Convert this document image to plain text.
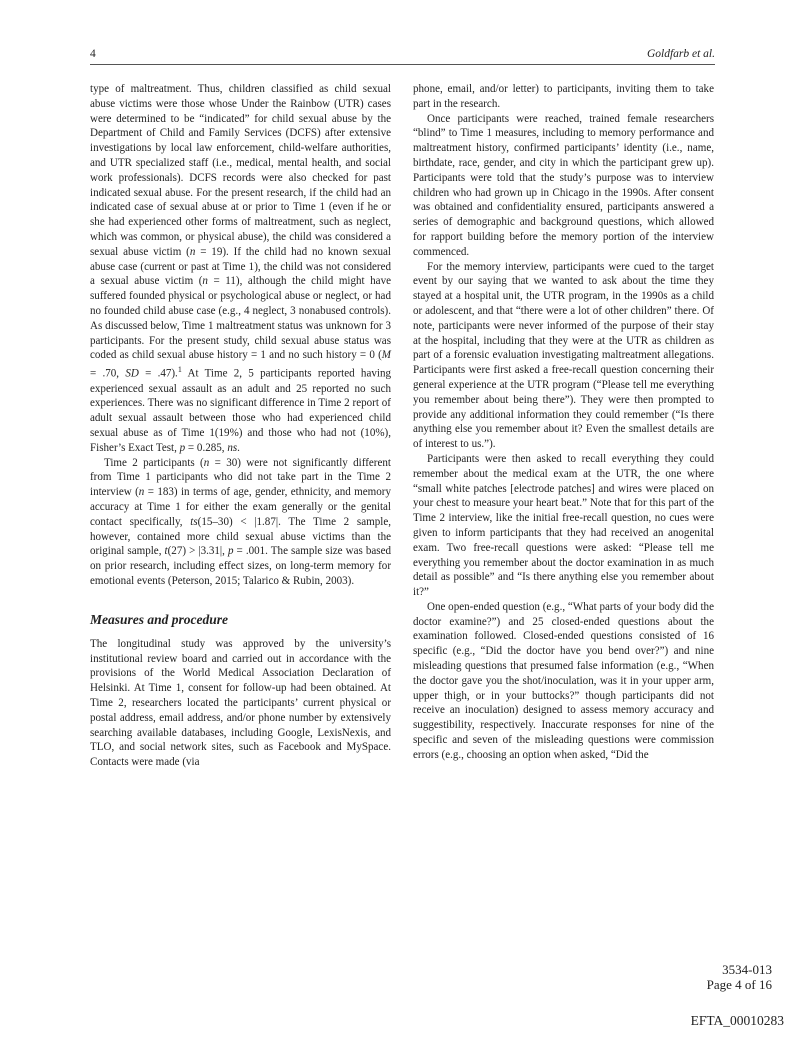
4	Goldfarb et al.

type of maltreatment. Thus, children classified as child sexual abuse victims were those whose Under the Rainbow (UTR) cases were determined to be “indicated” for child sexual abuse by the Department of Child and Family Services (DCFS) after extensive investigations by local law enforcement, child-welfare authorities, and UTR specialized staff (i.e., medical, mental health, and social work professionals). DCFS records were also checked for past indicated sexual abuse. For the present research, if the child had an indicated case of sexual abuse at or prior to Time 1 (even if he or she had experienced other forms of maltreatment, such as neglect, which was common, or physical abuse), the child was considered a sexual abuse victim (n = 19). If the child had no known sexual abuse case (current or past at Time 1), the child was not considered a sexual abuse victim (n = 11), although the child might have suffered founded physical or psychological abuse or neglect, or had no founded child abuse case (e.g., 4 neglect, 3 nonabused controls). As discussed below, Time 1 maltreatment status was unknown for 3 participants. For the present study, child sexual abuse status was coded as child sexual abuse history = 1 and no such history = 0 (M = .70, SD = .47).$^1$ At Time 2, 5 participants reported having experienced sexual assault as an adult and 25 reported no such experiences. There was no significant difference in Time 2 report of adult sexual assault between those who had experienced child sexual abuse as of Time 1(19%) and those who had not (10%), Fisher’s Exact Test, p = 0.285, ns.

Time 2 participants (n = 30) were not significantly different from Time 1 participants who did not take part in the Time 2 interview (n = 183) in terms of age, gender, ethnicity, and memory accuracy at Time 1 for either the exam generally or the genital contact specifically, ts(15–30) < |1.87|. The Time 2 sample, however, contained more child sexual abuse victims than the original sample, t(27) > |3.31|, p = .001. The sample size was based on prior research, including effect sizes, on long-term memory for emotional events (Peterson, 2015; Talarico & Rubin, 2003).

Measures and procedure

The longitudinal study was approved by the university’s institutional review board and carried out in accordance with the provisions of the World Medical Association Declaration of Helsinki. At Time 1, consent for follow-up had been obtained. At Time 2, researchers located the participants’ current physical or postal address, email address, and/or phone number by extensively searching available databases, including Google, LexisNexis, and TLO, and social network sites, such as Facebook and MySpace. Contacts were made (via

phone, email, and/or letter) to participants, inviting them to take part in the research.

Once participants were reached, trained female researchers “blind” to Time 1 measures, including to memory performance and maltreatment history, confirmed participants’ identity (i.e., name, birthdate, race, gender, and city in which the participant grew up). Participants were told that the study’s purpose was to interview children who had grown up in Chicago in the 1990s. After consent was obtained and confidentiality ensured, participants answered a series of demographic and background questions, which allowed for rapport building before the memory portion of the interview commenced.

For the memory interview, participants were cued to the target event by our saying that we wanted to ask about the time they stayed at a hospital unit, the UTR program, in the 1990s as a child or adolescent, and that “there were a lot of other children” there. Of note, participants were never informed of the purpose of their stay at the hospital, including that they were at the UTR as children as part of a forensic evaluation investigating maltreatment allegations. Participants were first asked a free-recall question concerning their general experience at the UTR program (“Please tell me everything you remember about being there”). They were then prompted to provide any additional information they could remember (“Is there anything else you remember about it? Even the smallest details are of interest to us.”).

Participants were then asked to recall everything they could remember about the medical exam at the UTR, the one where “small white patches [electrode patches] and wires were placed on your chest to measure your heart beat.” Note that for this part of the Time 2 interview, like the initial free-recall question, no cues were given to inform participants that they had received an anogenital exam. Two free-recall questions were asked: “Please tell me everything you remember about the doctor examination in as much detail as possible” and “Is there anything else you remember about it?”

One open-ended question (e.g., “What parts of your body did the doctor examine?”) and 25 closed-ended questions about the examination followed. Closed-ended questions consisted of 16 specific (e.g., “Did the doctor have you bend over?”) and nine misleading questions that presumed false information (e.g., “When the doctor gave you the shot/inoculation, was it in your upper arm, upper thigh, or in your buttocks?” though participants did not receive an inoculation) designed to assess memory accuracy and suggestibility, respectively. Inaccurate responses for nine of the specific and seven of the misleading questions were commission errors (e.g., choosing an option when asked, “Did the

3534-013
Page 4 of 16
EFTA_00010283
